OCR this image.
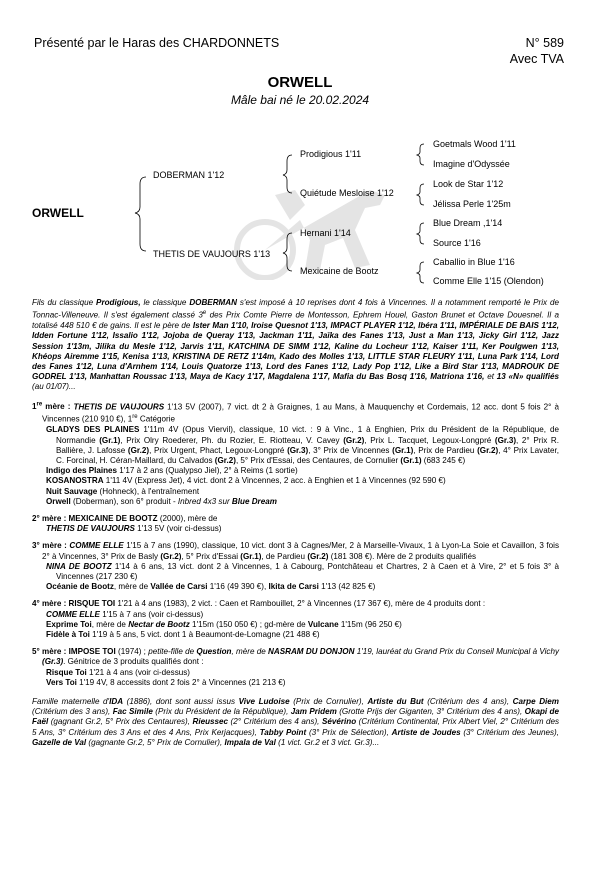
Présenté par le Haras des CHARDONNETS	N° 589
Avec TVA
ORWELL
Mâle bai né le 20.02.2024
ORWELL
DOBERMAN 1'12
THETIS DE VAUJOURS 1'13
Prodigious 1'11
Quiétude Mesloise 1'12
Hernani 1'14
Mexicaine de Bootz
Goetmals Wood 1'11
Imagine d'Odyssée
Look de Star 1'12
Jélissa Perle 1'25m
Blue Dream ,1'14
Source 1'16
Caballio in Blue 1'16
Comme Elle 1'15 (Olendon)

Fils du classique Prodigious, le classique DOBERMAN s'est imposé à 10 reprises dont 4 fois à Vincennes. Il a notamment remporté le Prix de Tonnac-Villeneuve. Il s'est également classé 3e des Prix Comte Pierre de Montesson, Ephrem Houel, Gaston Brunet et Octave Douesnel. Il a totalisé 448 510 € de gains. Il est le père de Ister Man 1'10, Iroise Quesnot 1'13, IMPACT PLAYER 1'12, Ibéra 1'11, IMPÉRIALE DE BAIS 1'12, Idden Fortune 1'12, Issalio 1'12, Jojoba de Queray 1'13, Jackman 1'11, Jaïka des Fanes 1'13, Just a Man 1'13, Jicky Girl 1'12, Jazz Session 1'13m, Jilika du Mesle 1'12, Jarvis 1'11, KATCHINA DE SIMM 1'12, Kaline du Locheur 1'12, Kaiser 1'11, Ker Poulgwen 1'13, Khéops Airemme 1'15, Kenisa 1'13, KRISTINA DE RETZ 1'14m, Kado des Molles 1'13, LITTLE STAR FLEURY 1'11, Luna Park 1'14, Lord des Fanes 1'12, Luna d'Arnhem 1'14, Louis Quatorze 1'13, Lord des Fanes 1'12, Lady Pop 1'12, Like a Bird Star 1'13, MADROUK DE GODREL 1'13, Manhattan Roussac 1'13, Maya de Kacy 1'17, Magdalena 1'17, Mafia du Bas Bosq 1'16, Matriona 1'16, et 13 «N» qualifiés (au 01/07)...

1re mère : THETIS DE VAUJOURS 1'13 5V (2007), 7 vict. dt 2 à Graignes, 1 au Mans, à Mauquenchy et Cordemais, 12 acc. dont 5 fois 2° à Vincennes (210 910 €), 1re Catégorie
GLADYS DES PLAINES 1'11m 4V (Opus Viervil), classique, 10 vict. : 9 à Vinc., 1 à Enghien, Prix du Président de la République, de Normandie (Gr.1), Prix Olry Roederer, Ph. du Rozier, E. Riotteau, V. Cavey (Gr.2), Prix L. Tacquet, Legoux-Longpré (Gr.3), 2° Prix R. Ballière, J. Lafosse (Gr.2), Prix Urgent, Phact, Legoux-Longpré (Gr.3), 3° Prix de Vincennes (Gr.1), Prix de Pardieu (Gr.2), 4° Prix Lavater, C. Forcinal, H. Céran-Maillard, du Calvados (Gr.2), 5° Prix d'Essai, des Centaures, de Cornulier (Gr.1) (683 245 €)
Indigo des Plaines 1'17 à 2 ans (Qualypso Jiel), 2° à Reims (1 sortie)
KOSANOSTRA 1'11 4V (Express Jet), 4 vict. dont 2 à Vincennes, 2 acc. à Enghien et 1 à Vincennes (92 590 €)
Nuit Sauvage (Hohneck), à l'entraînement
Orwell (Doberman), son 6° produit - Inbred 4x3 sur Blue Dream
2° mère : MEXICAINE DE BOOTZ (2000), mère de
THETIS DE VAUJOURS 1'13 5V (voir ci-dessus)
3° mère : COMME ELLE 1'15 à 7 ans (1990), classique, 10 vict. dont 3 à Cagnes/Mer, 2 à Marseille-Vivaux, 1 à Lyon-La Soie et Cavaillon, 3 fois 2° à Vincennes, 3° Prix de Basly (Gr.2), 5° Prix d'Essai (Gr.1), de Pardieu (Gr.2) (181 308 €). Mère de 2 produits qualifiés
NINA DE BOOTZ 1'14 à 6 ans, 13 vict. dont 2 à Vincennes, 1 à Cabourg, Pontchâteau et Chartres, 2 à Caen et à Vire, 2° et 5 fois 3° à Vincennes (217 230 €)
Océanie de Bootz, mère de Vallée de Carsi 1'16 (49 390 €), Ikita de Carsi 1'13 (42 825 €)
4° mère : RISQUE TOI 1'21 à 4 ans (1983), 2 vict. : Caen et Rambouillet, 2° à Vincennes (17 367 €), mère de 4 produits dont :
COMME ELLE 1'15 à 7 ans (voir ci-dessus)
Exprime Toi, mère de Nectar de Bootz 1'15m (150 050 €) ; gd-mère de Vulcane 1'15m (96 250 €)
Fidèle à Toi 1'19 à 5 ans, 5 vict. dont 1 à Beaumont-de-Lomagne (21 488 €)
5° mère : IMPOSE TOI (1974) ; petite-fille de Question, mère de NASRAM DU DONJON 1'19, lauréat du Grand Prix du Conseil Municipal à Vichy (Gr.3). Génitrice de 3 produits qualifiés dont :
Risque Toi 1'21 à 4 ans (voir ci-dessus)
Vers Toi 1'19 4V, 8 accessits dont 2 fois 2° à Vincennes (21 213 €)

Famille maternelle d'IDA (1886), dont sont aussi issus Vive Ludoise (Prix de Cornulier), Artiste du But (Critérium des 4 ans), Carpe Diem (Critérium des 3 ans), Fac Simile (Prix du Président de la République), Jam Pridem (Grotte Prijs der Giganten, 3° Critérium des 4 ans), Okapi de Faël (gagnant Gr.2, 5° Prix des Centaures), Rieussec (2° Critérium des 4 ans), Sévérino (Critérium Continental, Prix Albert Viel, 2° Critérium des 5 Ans, 3° Critérium des 3 Ans et des 4 Ans, Prix Kerjacques), Tabby Point (3° Prix de Sélection), Artiste de Joudes (3° Critérium des Jeunes), Gazelle de Val (gagnante Gr.2, 5° Prix de Cornulier), Impala de Val (1 vict. Gr.2 et 3 vict. Gr.3)...
